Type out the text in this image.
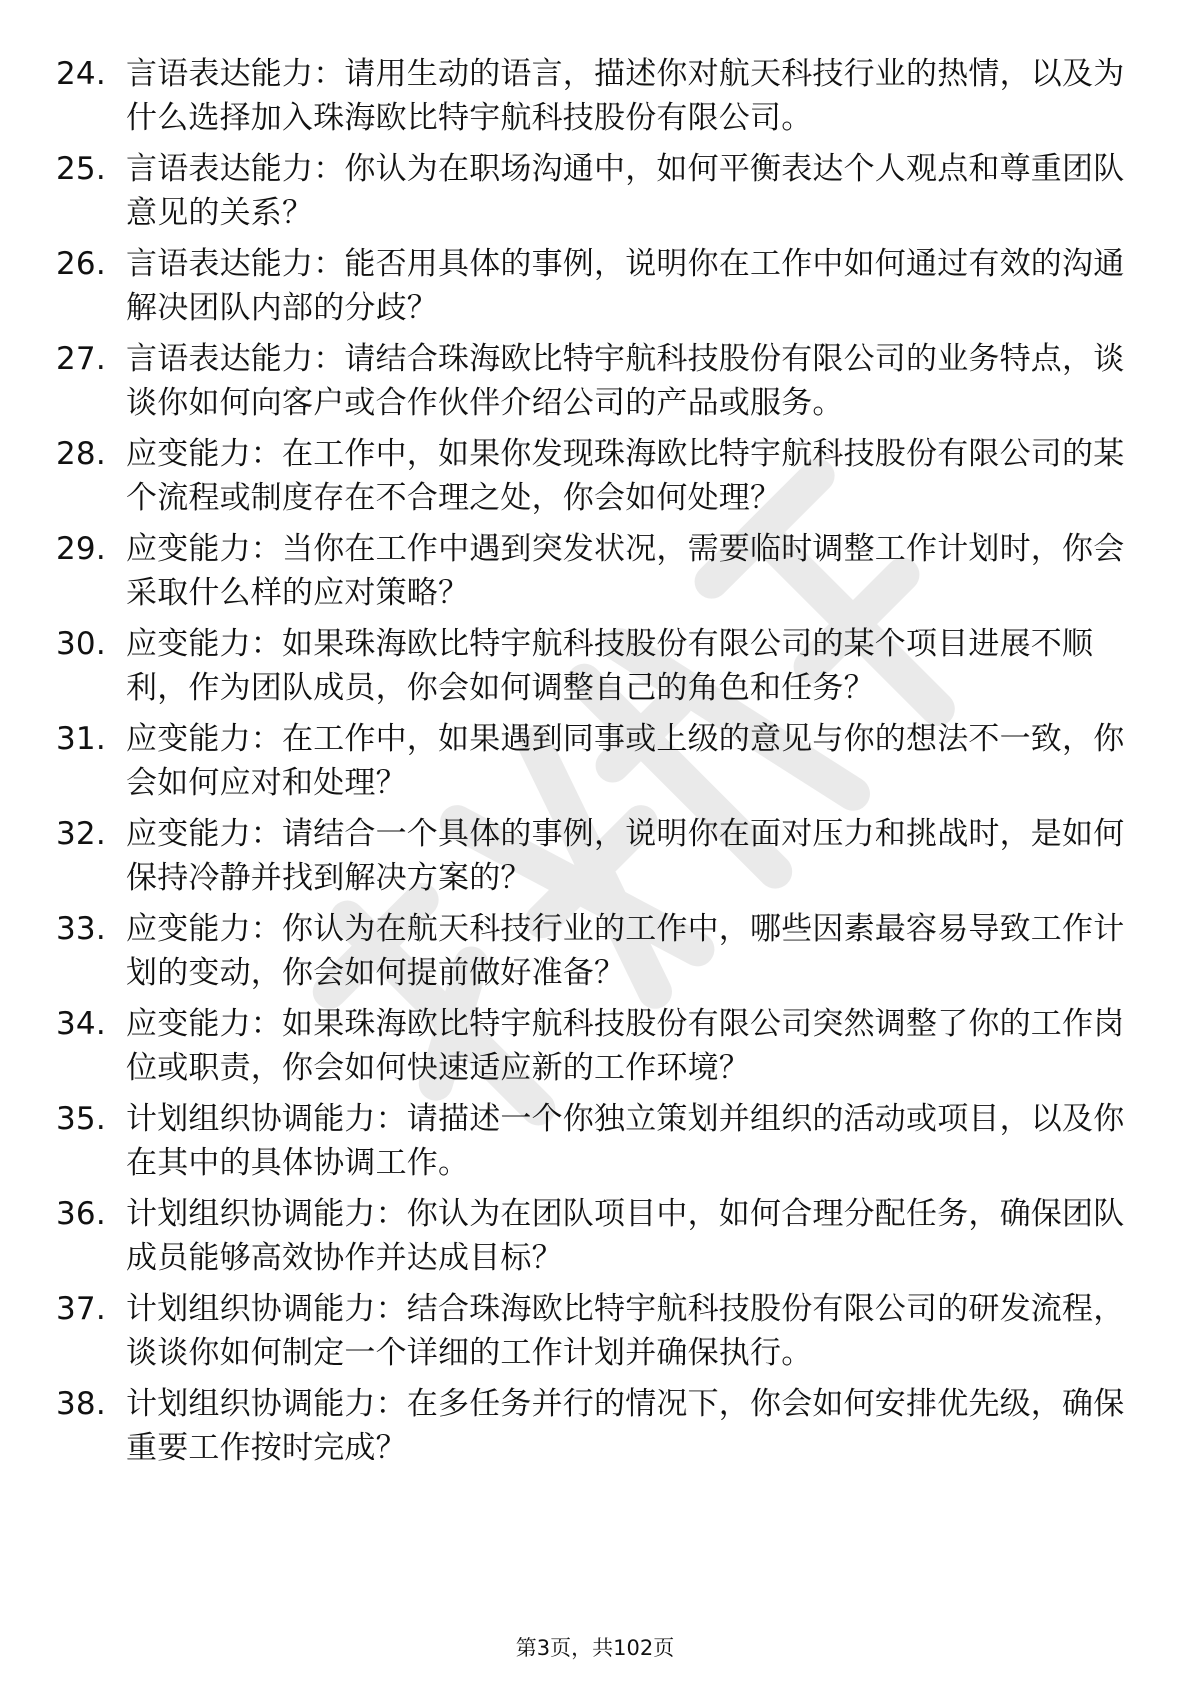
24. 言语表达能力：请用生动的语言，描述你对航天科技行业的热情，以及为什么选择加入珠海欧比特宇航科技股份有限公司。
25. 言语表达能力：你认为在职场沟通中，如何平衡表达个人观点和尊重团队意见的关系？
26. 言语表达能力：能否用具体的事例，说明你在工作中如何通过有效的沟通解决团队内部的分歧？
27. 言语表达能力：请结合珠海欧比特宇航科技股份有限公司的业务特点，谈谈你如何向客户或合作伙伴介绍公司的产品或服务。
28. 应变能力：在工作中，如果你发现珠海欧比特宇航科技股份有限公司的某个流程或制度存在不合理之处，你会如何处理？
29. 应变能力：当你在工作中遇到突发状况，需要临时调整工作计划时，你会采取什么样的应对策略？
30. 应变能力：如果珠海欧比特宇航科技股份有限公司的某个项目进展不顺利，作为团队成员，你会如何调整自己的角色和任务？
31. 应变能力：在工作中，如果遇到同事或上级的意见与你的想法不一致，你会如何应对和处理？
32. 应变能力：请结合一个具体的事例，说明你在面对压力和挑战时，是如何保持冷静并找到解决方案的？
33. 应变能力：你认为在航天科技行业的工作中，哪些因素最容易导致工作计划的变动，你会如何提前做好准备？
34. 应变能力：如果珠海欧比特宇航科技股份有限公司突然调整了你的工作岗位或职责，你会如何快速适应新的工作环境？
35. 计划组织协调能力：请描述一个你独立策划并组织的活动或项目，以及你在其中的具体协调工作。
36. 计划组织协调能力：你认为在团队项目中，如何合理分配任务，确保团队成员能够高效协作并达成目标？
37. 计划组织协调能力：结合珠海欧比特宇航科技股份有限公司的研发流程，谈谈你如何制定一个详细的工作计划并确保执行。
38. 计划组织协调能力：在多任务并行的情况下，你会如何安排优先级，确保重要工作按时完成？
第3页，共102页
